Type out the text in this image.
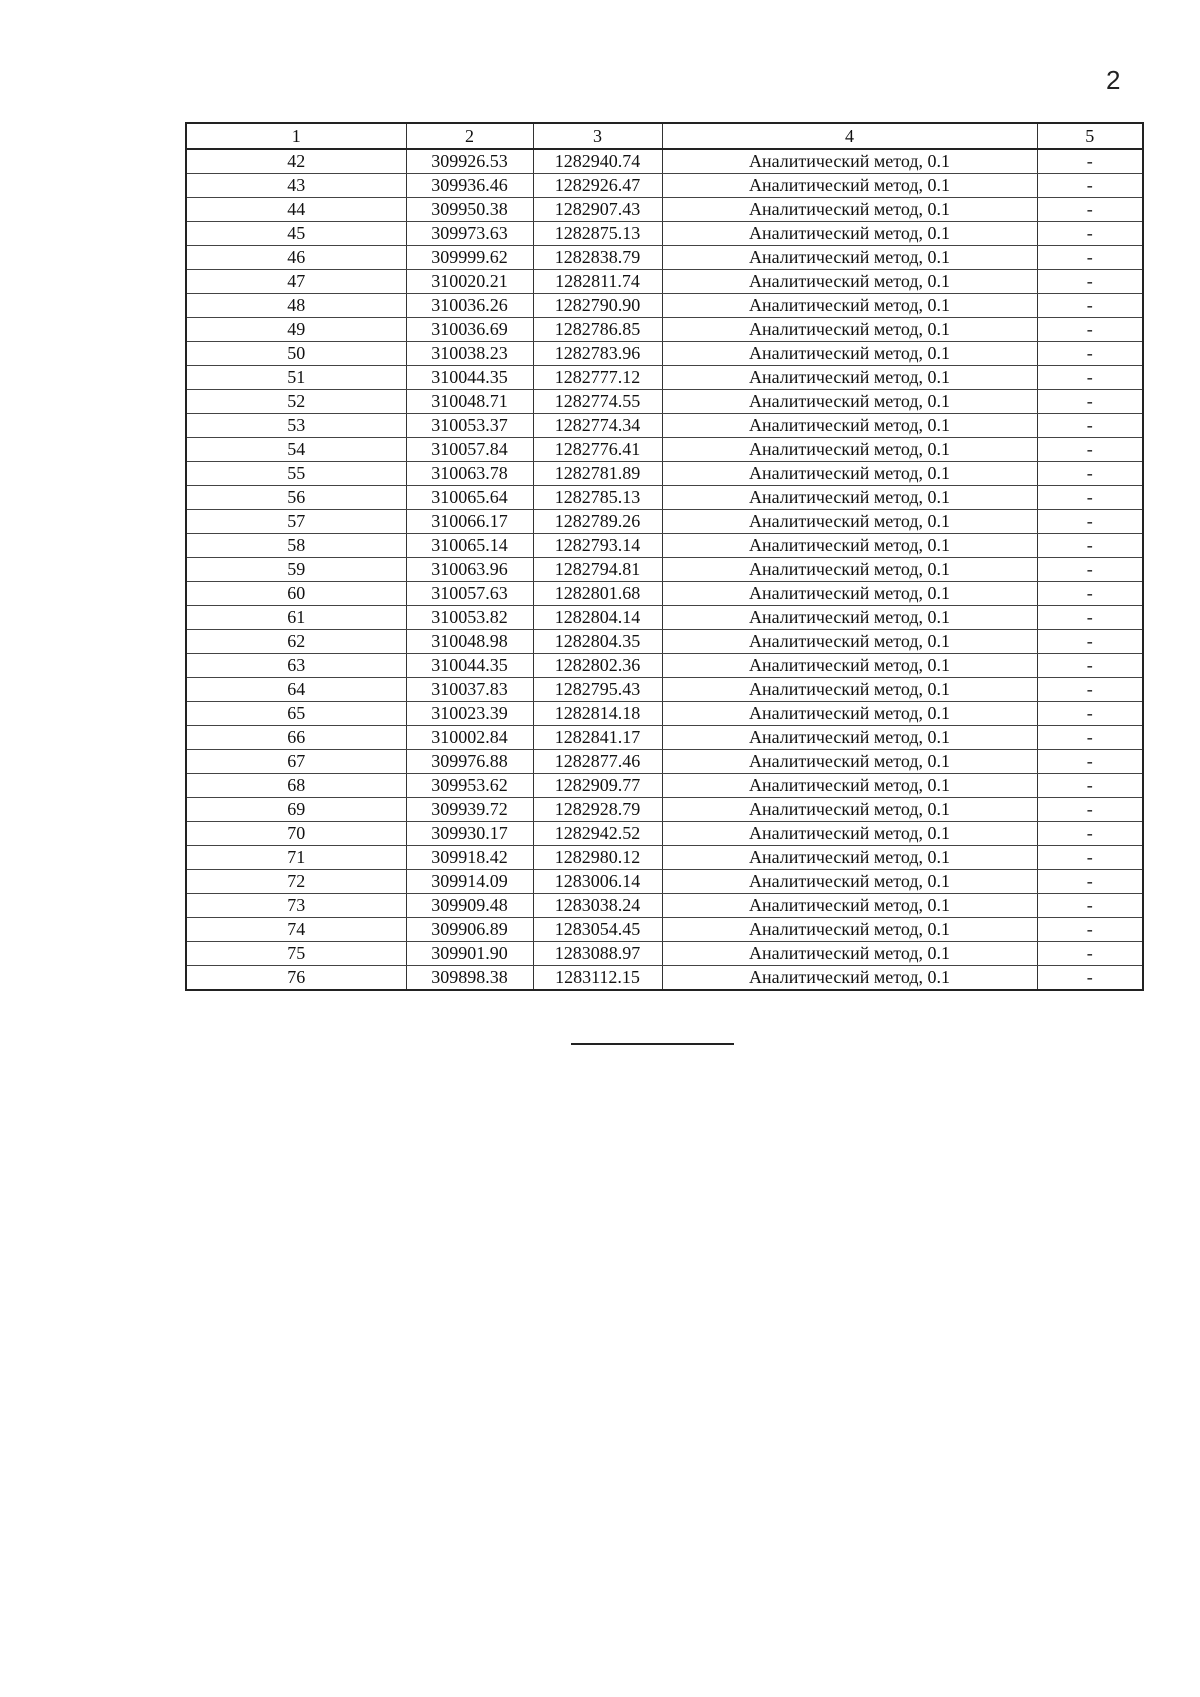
2
1	2	3	4	5
42	309926.53	1282940.74	Аналитический метод, 0.1	-
43	309936.46	1282926.47	Аналитический метод, 0.1	-
44	309950.38	1282907.43	Аналитический метод, 0.1	-
45	309973.63	1282875.13	Аналитический метод, 0.1	-
46	309999.62	1282838.79	Аналитический метод, 0.1	-
47	310020.21	1282811.74	Аналитический метод, 0.1	-
48	310036.26	1282790.90	Аналитический метод, 0.1	-
49	310036.69	1282786.85	Аналитический метод, 0.1	-
50	310038.23	1282783.96	Аналитический метод, 0.1	-
51	310044.35	1282777.12	Аналитический метод, 0.1	-
52	310048.71	1282774.55	Аналитический метод, 0.1	-
53	310053.37	1282774.34	Аналитический метод, 0.1	-
54	310057.84	1282776.41	Аналитический метод, 0.1	-
55	310063.78	1282781.89	Аналитический метод, 0.1	-
56	310065.64	1282785.13	Аналитический метод, 0.1	-
57	310066.17	1282789.26	Аналитический метод, 0.1	-
58	310065.14	1282793.14	Аналитический метод, 0.1	-
59	310063.96	1282794.81	Аналитический метод, 0.1	-
60	310057.63	1282801.68	Аналитический метод, 0.1	-
61	310053.82	1282804.14	Аналитический метод, 0.1	-
62	310048.98	1282804.35	Аналитический метод, 0.1	-
63	310044.35	1282802.36	Аналитический метод, 0.1	-
64	310037.83	1282795.43	Аналитический метод, 0.1	-
65	310023.39	1282814.18	Аналитический метод, 0.1	-
66	310002.84	1282841.17	Аналитический метод, 0.1	-
67	309976.88	1282877.46	Аналитический метод, 0.1	-
68	309953.62	1282909.77	Аналитический метод, 0.1	-
69	309939.72	1282928.79	Аналитический метод, 0.1	-
70	309930.17	1282942.52	Аналитический метод, 0.1	-
71	309918.42	1282980.12	Аналитический метод, 0.1	-
72	309914.09	1283006.14	Аналитический метод, 0.1	-
73	309909.48	1283038.24	Аналитический метод, 0.1	-
74	309906.89	1283054.45	Аналитический метод, 0.1	-
75	309901.90	1283088.97	Аналитический метод, 0.1	-
76	309898.38	1283112.15	Аналитический метод, 0.1	-
